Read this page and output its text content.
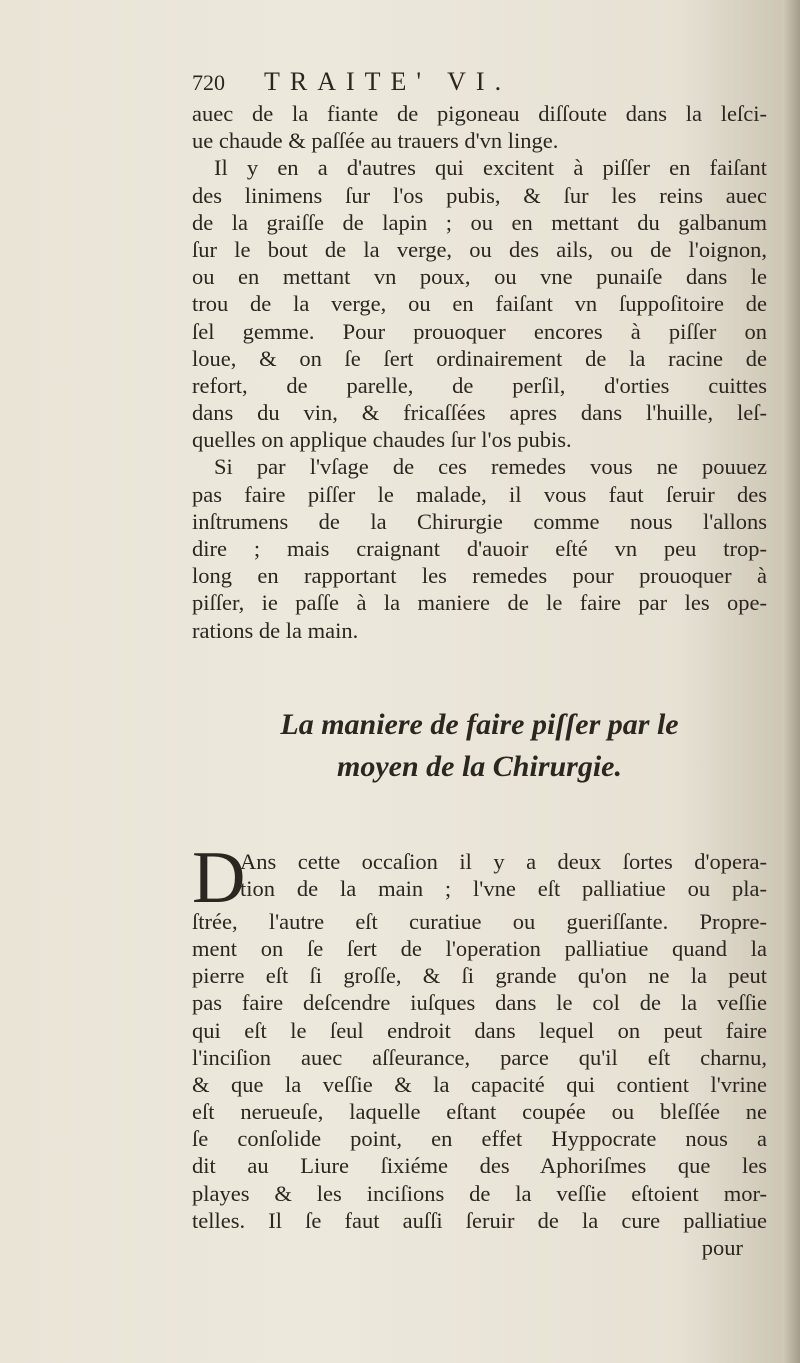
720	TRAITE' VI.
auec de la fiante de pigoneau diſſoute dans la leſci-
ue chaude & paſſée au trauers d'vn linge.
Il y en a d'autres qui excitent à piſſer en faiſant
des linimens ſur l'os pubis, & ſur les reins auec
de la graiſſe de lapin ; ou en mettant du galbanum
ſur le bout de la verge, ou des ails, ou de l'oignon,
ou en mettant vn poux, ou vne punaiſe dans le
trou de la verge, ou en faiſant vn ſuppoſitoire de
ſel gemme. Pour prouoquer encores à piſſer on
loue, & on ſe ſert ordinairement de la racine de
refort, de parelle, de perſil, d'orties cuittes
dans du vin, & fricaſſées apres dans l'huille, leſ-
quelles on applique chaudes ſur l'os pubis.
Si par l'vſage de ces remedes vous ne pouuez
pas faire piſſer le malade, il vous faut ſeruir des
inſtrumens de la Chirurgie comme nous l'allons
dire ; mais craignant d'auoir eſté vn peu trop-
long en rapportant les remedes pour prouoquer à
piſſer, ie paſſe à la maniere de le faire par les ope-
rations de la main.
La maniere de faire piſſer par le
moyen de la Chirurgie.
D
Ans cette occaſion il y a deux ſortes d'opera-
tion de la main ; l'vne eſt palliatiue ou pla-
ſtrée, l'autre eſt curatiue ou gueriſſante. Propre-
ment on ſe ſert de l'operation palliatiue quand la
pierre eſt ſi groſſe, & ſi grande qu'on ne la peut
pas faire deſcendre iuſques dans le col de la veſſie
qui eſt le ſeul endroit dans lequel on peut faire
l'inciſion auec aſſeurance, parce qu'il eſt charnu,
& que la veſſie & la capacité qui contient l'vrine
eſt nerueuſe, laquelle eſtant coupée ou bleſſée ne
ſe conſolide point, en effet Hyppocrate nous a
dit au Liure ſixiéme des Aphoriſmes que les
playes & les inciſions de la veſſie eſtoient mor-
telles. Il ſe faut auſſi ſeruir de la cure palliatiue
pour
